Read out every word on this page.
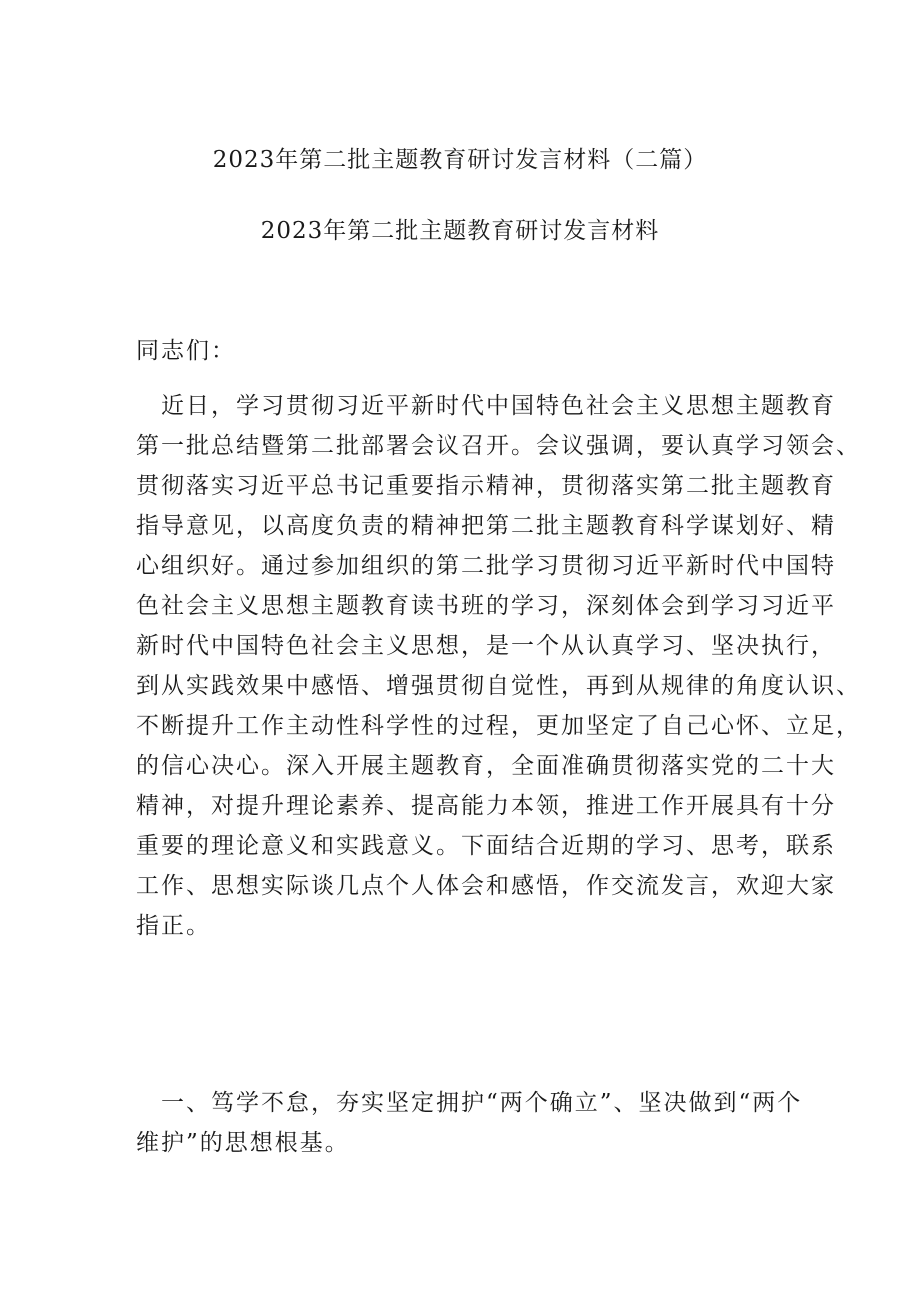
2023年第二批主题教育研讨发言材料（二篇）
2023年第二批主题教育研讨发言材料

同志们：

　近日，学习贯彻习近平新时代中国特色社会主义思想主题教育
第一批总结暨第二批部署会议召开。会议强调，要认真学习领会、
贯彻落实习近平总书记重要指示精神，贯彻落实第二批主题教育
指导意见，以高度负责的精神把第二批主题教育科学谋划好、精
心组织好。通过参加组织的第二批学习贯彻习近平新时代中国特
色社会主义思想主题教育读书班的学习，深刻体会到学习习近平
新时代中国特色社会主义思想，是一个从认真学习、坚决执行，
到从实践效果中感悟、增强贯彻自觉性，再到从规律的角度认识、
不断提升工作主动性科学性的过程，更加坚定了自己心怀、立足，
的信心决心。深入开展主题教育，全面准确贯彻落实党的二十大
精神，对提升理论素养、提高能力本领，推进工作开展具有十分
重要的理论意义和实践意义。下面结合近期的学习、思考，联系
工作、思想实际谈几点个人体会和感悟，作交流发言，欢迎大家
指正。

　一、笃学不怠，夯实坚定拥护“两个确立”、坚决做到“两个
维护”的思想根基。
